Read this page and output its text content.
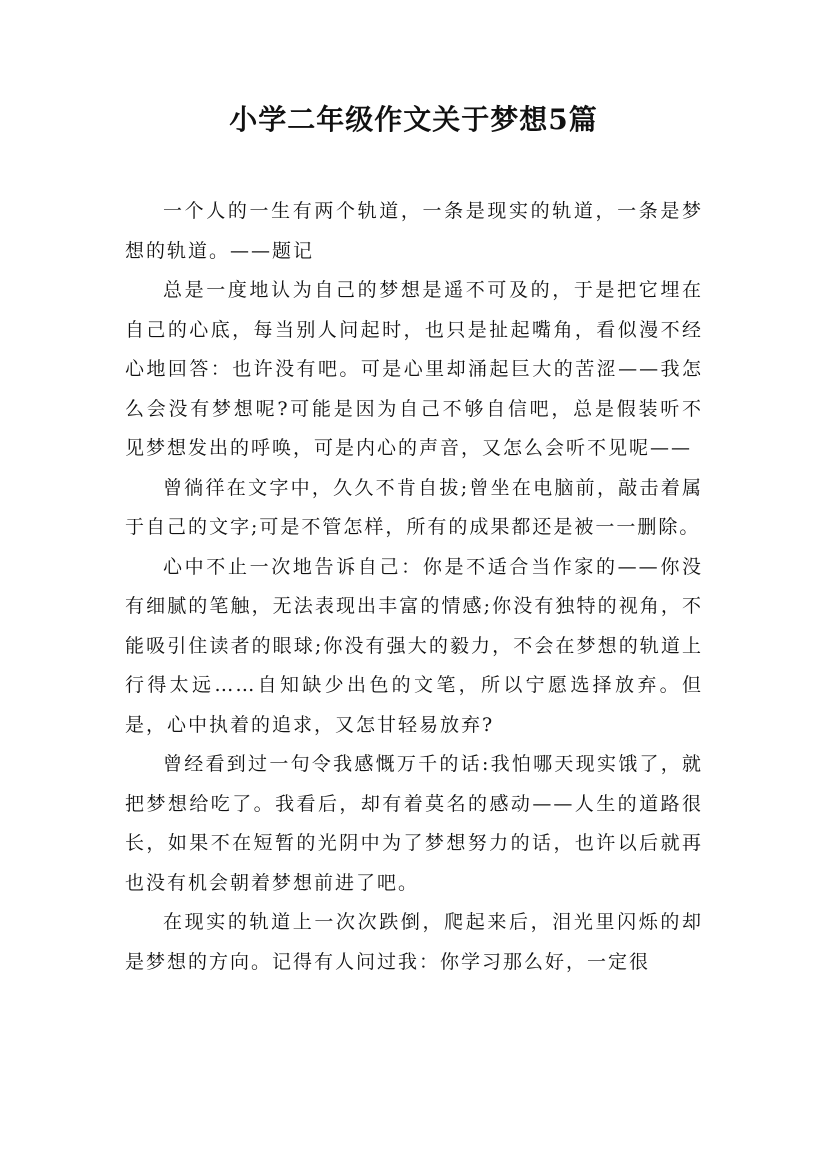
小学二年级作文关于梦想5篇

一个人的一生有两个轨道，一条是现实的轨道，一条是梦想的轨道。——题记

总是一度地认为自己的梦想是遥不可及的，于是把它埋在自己的心底，每当别人问起时，也只是扯起嘴角，看似漫不经心地回答：也许没有吧。可是心里却涌起巨大的苦涩——我怎么会没有梦想呢?可能是因为自己不够自信吧，总是假装听不见梦想发出的呼唤，可是内心的声音，又怎么会听不见呢——

曾徜徉在文字中，久久不肯自拔;曾坐在电脑前，敲击着属于自己的文字;可是不管怎样，所有的成果都还是被一一删除。

心中不止一次地告诉自己：你是不适合当作家的——你没有细腻的笔触，无法表现出丰富的情感;你没有独特的视角，不能吸引住读者的眼球;你没有强大的毅力，不会在梦想的轨道上行得太远……自知缺少出色的文笔，所以宁愿选择放弃。但是，心中执着的追求，又怎甘轻易放弃?

曾经看到过一句令我感慨万千的话:我怕哪天现实饿了，就把梦想给吃了。我看后，却有着莫名的感动——人生的道路很长，如果不在短暂的光阴中为了梦想努力的话，也许以后就再也没有机会朝着梦想前进了吧。

在现实的轨道上一次次跌倒，爬起来后，泪光里闪烁的却是梦想的方向。记得有人问过我：你学习那么好，一定很
